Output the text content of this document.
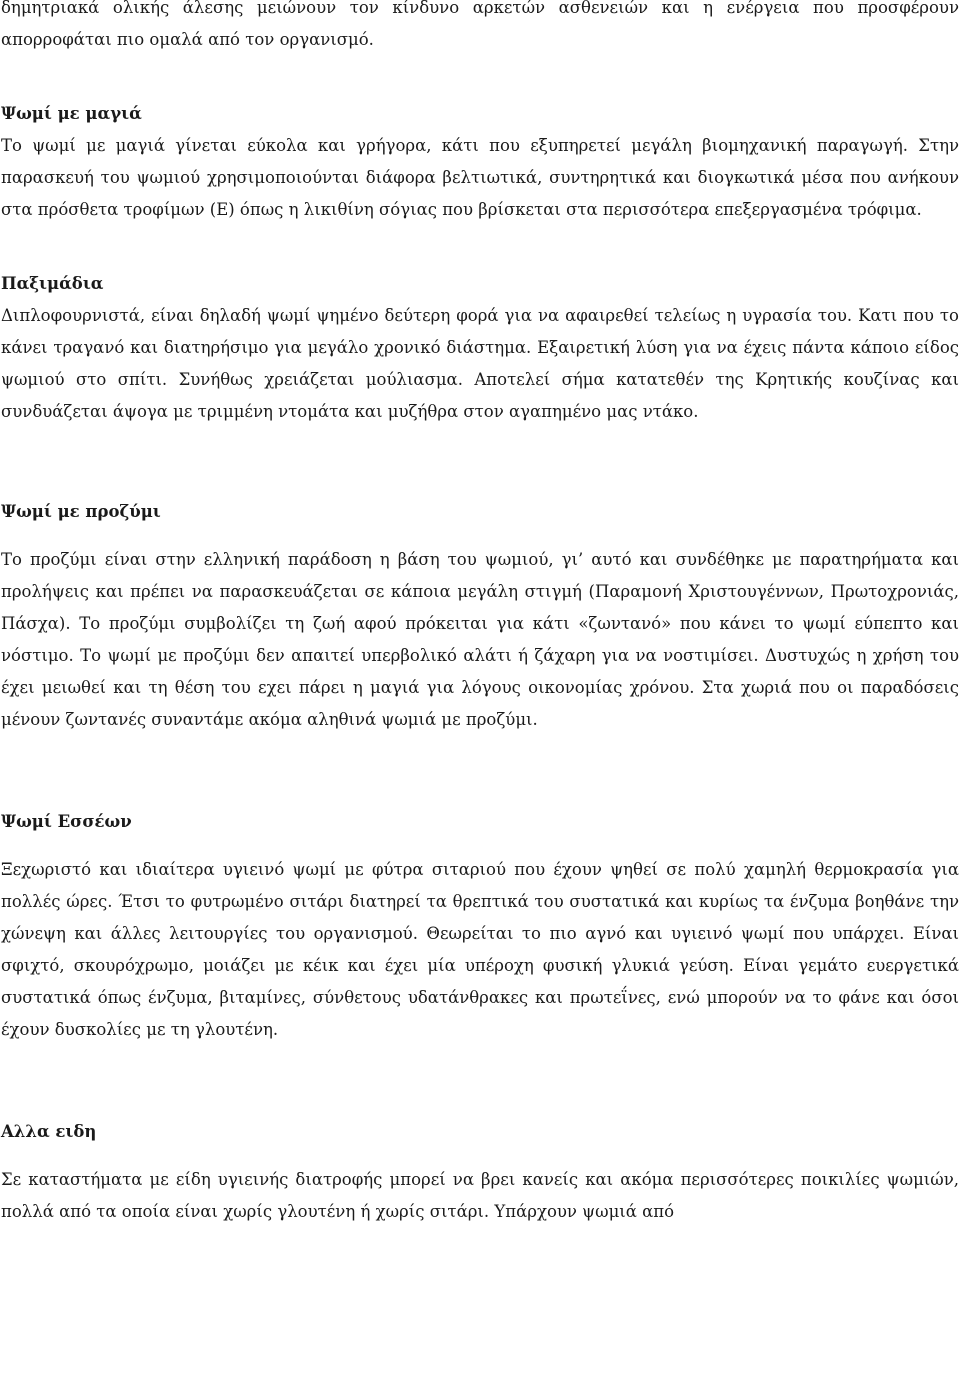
δημητριακά ολικής άλεσης μειώνουν τον κίνδυνο αρκετών ασθενειών και η ενέργεια που προσφέρουν απορροφάται πιο ομαλά από τον οργανισμό.

Ψωμί με μαγιά

Το ψωμί με μαγιά γίνεται εύκολα και γρήγορα, κάτι που εξυπηρετεί μεγάλη βιομηχανική παραγωγή. Στην παρασκευή του ψωμιού χρησιμοποιούνται διάφορα βελτιωτικά, συντηρητικά και διογκωτικά μέσα που ανήκουν στα πρόσθετα τροφίμων (Ε) όπως η λικιθίνη σόγιας που βρίσκεται στα περισσότερα επεξεργασμένα τρόφιμα.

Παξιμάδια

Διπλοφουρνιστά, είναι δηλαδή ψωμί ψημένο δεύτερη φορά για να αφαιρεθεί τελείως η υγρασία του. Κατι που το κάνει τραγανό και διατηρήσιμο για μεγάλο χρονικό διάστημα. Εξαιρετική λύση για να έχεις πάντα κάποιο είδος ψωμιού στο σπίτι. Συνήθως χρειάζεται μούλιασμα. Αποτελεί σήμα κατατεθέν της Κρητικής κουζίνας και συνδυάζεται άψογα με τριμμένη ντομάτα και μυζήθρα στον αγαπημένο μας ντάκο.

Ψωμί με προζύμι

Το προζύμι είναι στην ελληνική παράδοση η βάση του ψωμιού, γι’ αυτό και συνδέθηκε με παρατηρήματα και προλήψεις και πρέπει να παρασκευάζεται σε κάποια μεγάλη στιγμή (Παραμονή Χριστουγέννων, Πρωτοχρονιάς, Πάσχα). Το προζύμι συμβολίζει τη ζωή αφού πρόκειται για κάτι «ζωντανό» που κάνει το ψωμί εύπεπτο και νόστιμο. Το ψωμί με προζύμι δεν απαιτεί υπερβολικό αλάτι ή ζάχαρη για να νοστιμίσει. Δυστυχώς η χρήση του έχει μειωθεί και τη θέση του εχει πάρει η μαγιά για λόγους οικονομίας χρόνου. Στα χωριά που οι παραδόσεις μένουν ζωντανές συναντάμε ακόμα αληθινά ψωμιά με προζύμι.

Ψωμί Εσσέων

Ξεχωριστό και ιδιαίτερα υγιεινό ψωμί με φύτρα σιταριού που έχουν ψηθεί σε πολύ χαμηλή θερμοκρασία για πολλές ώρες. Έτσι το φυτρωμένο σιτάρι διατηρεί τα θρεπτικά του συστατικά και κυρίως τα ένζυμα βοηθάνε την χώνεψη και άλλες λειτουργίες του οργανισμού. Θεωρείται το πιο αγνό και υγιεινό ψωμί που υπάρχει. Είναι σφιχτό, σκουρόχρωμο, μοιάζει με κέικ και έχει μία υπέροχη φυσική γλυκιά γεύση. Είναι γεμάτο ευεργετικά συστατικά όπως ένζυμα, βιταμίνες, σύνθετους υδατάνθρακες και πρωτεΐνες, ενώ μπορούν να το φάνε και όσοι έχουν δυσκολίες με τη γλουτένη.

Αλλα ειδη

Σε καταστήματα με είδη υγιεινής διατροφής μπορεί να βρει κανείς και ακόμα περισσότερες ποικιλίες ψωμιών, πολλά από τα οποία είναι χωρίς γλουτένη ή χωρίς σιτάρι. Υπάρχουν ψωμιά από
